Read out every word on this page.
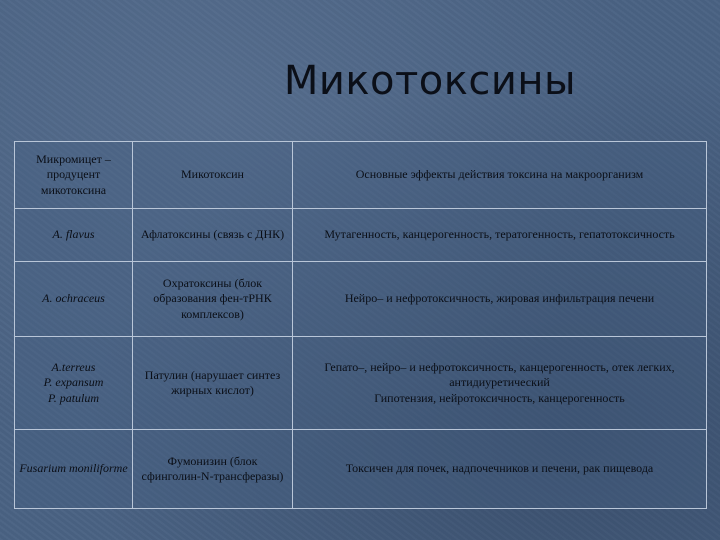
Микотоксины
Микромицет – продуцент микотоксина	Микотоксин	Основные эффекты действия токсина на макроорганизм

A. flavus	Афлатоксины (связь с ДНК)	Мутагенность, канцерогенность, тератогенность, гепатотоксичность

A. ochraceus	Охратоксины (блок образования фен-тРНК комплексов)	Нейро– и нефротоксичность, жировая инфильтрация печени

A.terreus
P. expansum
P. patulum	Патулин (нарушает синтез жирных кислот)	Гепато–, нейро– и нефротоксичность, канцерогенность, отек легких, антидиуретический
Гипотензия, нейротоксичность, канцерогенность

Fusarium moniliforme	Фумонизин (блок сфинголин-N-трансферазы)	Токсичен для почек, надпочечников и печени, рак пищевода
